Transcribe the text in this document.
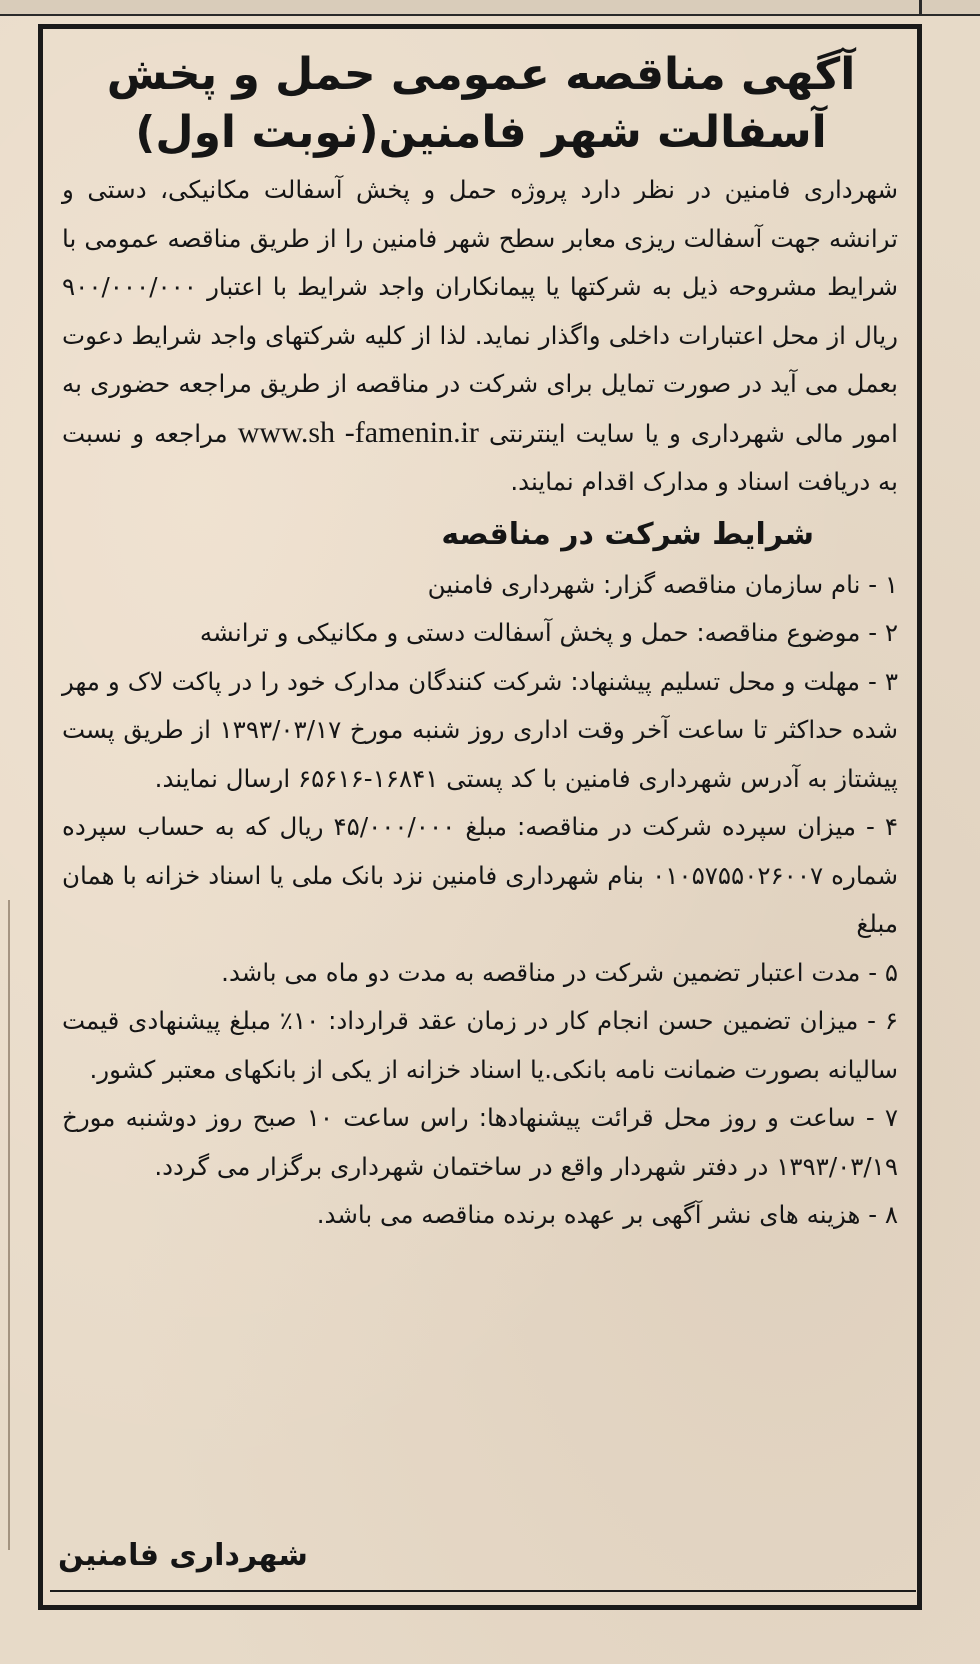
آگهی مناقصه عمومی حمل و پخش
آسفالت شهر فامنین(نوبت اول)

شهرداری فامنین در نظر دارد پروژه حمل و پخش آسفالت مکانیکی، دستی و ترانشه جهت آسفالت ریزی معابر سطح شهر فامنین را از طریق مناقصه عمومی با شرایط مشروحه ذیل به شرکتها یا پیمانکاران واجد شرایط با اعتبار ۹۰۰/۰۰۰/۰۰۰ ریال از محل اعتبارات داخلی واگذار نماید. لذا از کلیه شرکتهای واجد شرایط دعوت بعمل می آید در صورت تمایل برای شرکت در مناقصه از طریق مراجعه حضوری به امور مالی شهرداری و یا سایت اینترنتی www.sh -famenin.ir مراجعه و نسبت به دریافت اسناد و مدارک اقدام نمایند.

شرایط شرکت در مناقصه

۱ - نام سازمان مناقصه گزار: شهرداری فامنین

۲ - موضوع مناقصه: حمل و پخش آسفالت دستی و مکانیکی و ترانشه

۳ - مهلت و محل تسلیم پیشنهاد: شرکت کنندگان مدارک خود را در پاکت لاک و مهر شده حداکثر تا ساعت آخر وقت اداری روز شنبه مورخ ۱۳۹۳/۰۳/۱۷ از طریق پست پیشتاز به آدرس شهرداری فامنین با کد پستی ۱۶۸۴۱-۶۵۶۱۶ ارسال نمایند.

۴ - میزان سپرده شرکت در مناقصه: مبلغ ۴۵/۰۰۰/۰۰۰ ریال که به حساب سپرده شماره ۰۱۰۵۷۵۵۰۲۶۰۰۷ بنام شهرداری فامنین نزد بانک ملی یا اسناد خزانه با همان مبلغ

۵ - مدت اعتبار تضمین شرکت در مناقصه به مدت دو ماه می باشد.

۶ - میزان تضمین حسن انجام کار در زمان عقد قرارداد: ۱۰٪ مبلغ پیشنهادی قیمت سالیانه بصورت ضمانت نامه بانکی.یا اسناد خزانه از یکی از بانکهای معتبر کشور.

۷ - ساعت و روز محل قرائت پیشنهادها: راس ساعت ۱۰ صبح روز دوشنبه مورخ ۱۳۹۳/۰۳/۱۹ در دفتر شهردار واقع در ساختمان شهرداری برگزار می گردد.

۸ - هزینه های نشر آگهی بر عهده برنده مناقصه می باشد.

شهرداری فامنین
